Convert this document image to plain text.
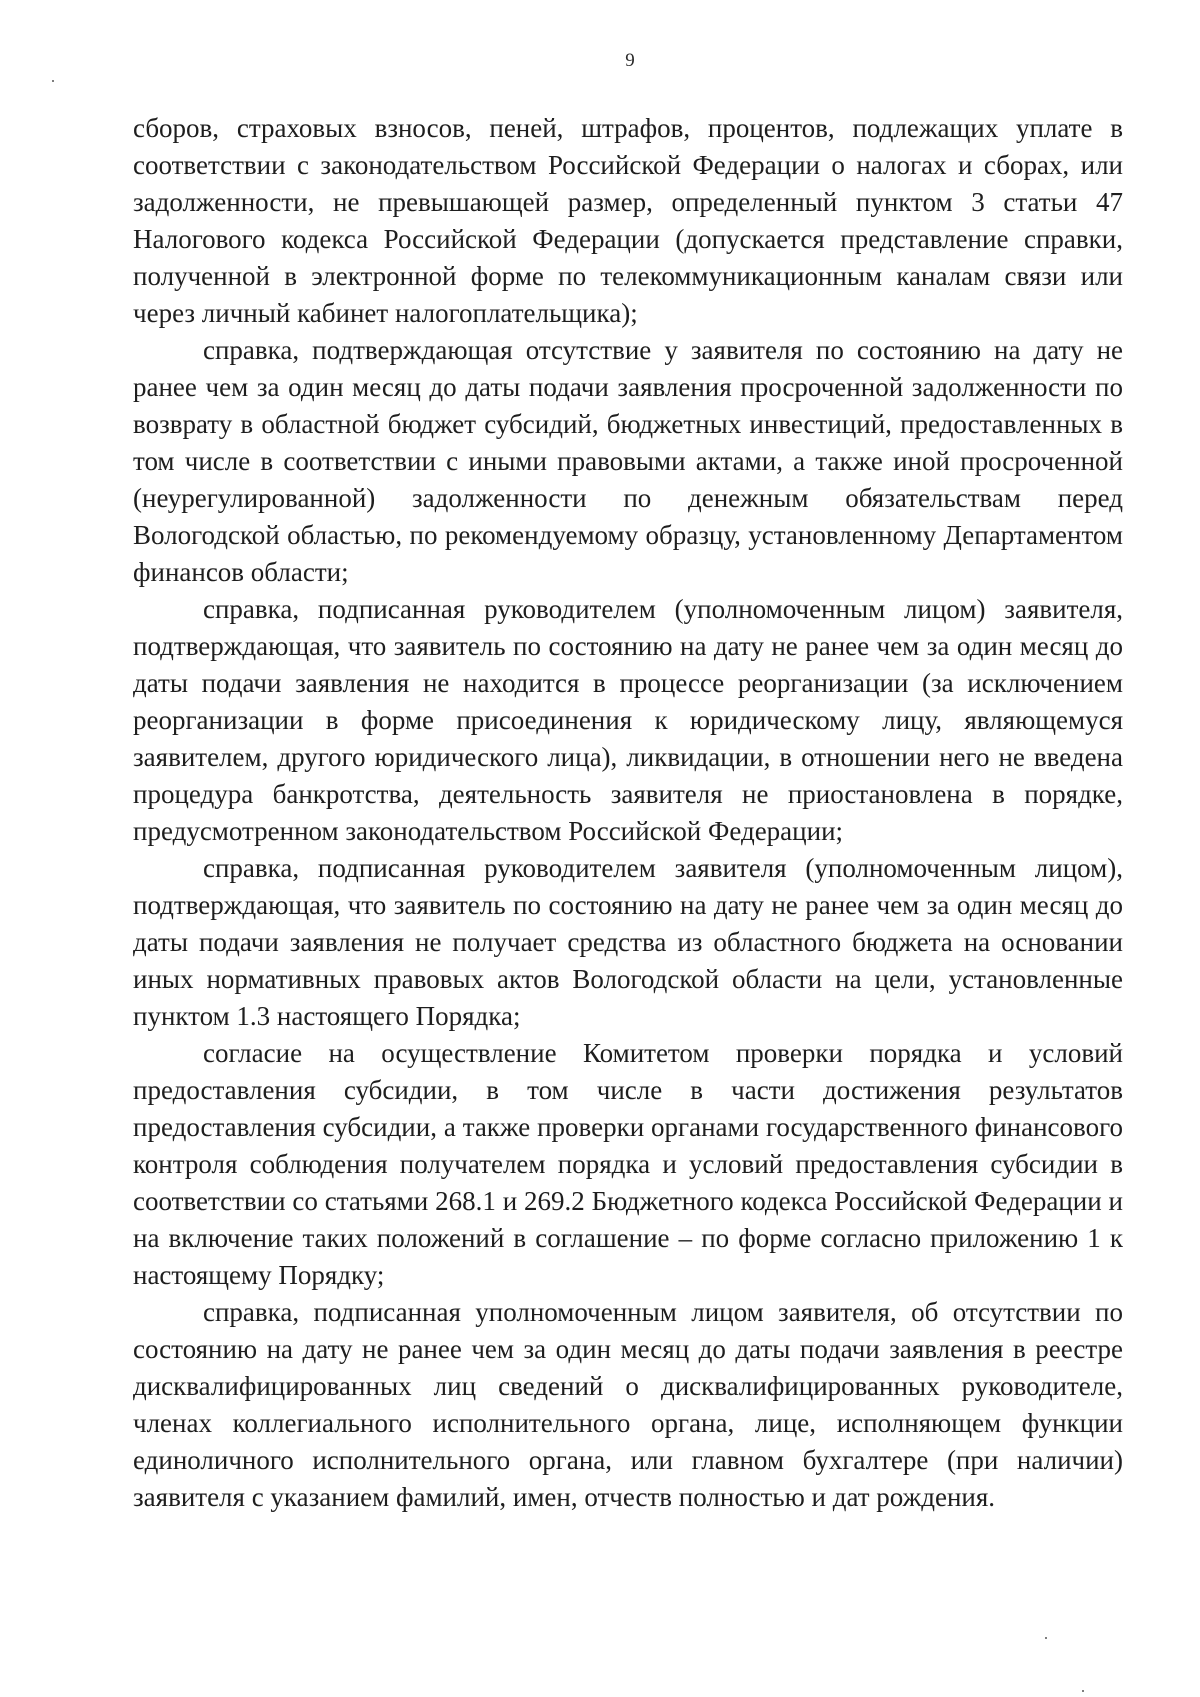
9

сборов, страховых взносов, пеней, штрафов, процентов, подлежащих уплате в соответствии с законодательством Российской Федерации о налогах и сборах, или задолженности, не превышающей размер, определенный пунктом 3 статьи 47 Налогового кодекса Российской Федерации (допускается представление справки, полученной в электронной форме по телекоммуникационным каналам связи или через личный кабинет налогоплательщика);

справка, подтверждающая отсутствие у заявителя по состоянию на дату не ранее чем за один месяц до даты подачи заявления просроченной задолженности по возврату в областной бюджет субсидий, бюджетных инвестиций, предоставленных в том числе в соответствии с иными правовыми актами, а также иной просроченной (неурегулированной) задолженности по денежным обязательствам перед Вологодской областью, по рекомендуемому образцу, установленному Департаментом финансов области;

справка, подписанная руководителем (уполномоченным лицом) заявителя, подтверждающая, что заявитель по состоянию на дату не ранее чем за один месяц до даты подачи заявления не находится в процессе реорганизации (за исключением реорганизации в форме присоединения к юридическому лицу, являющемуся заявителем, другого юридического лица), ликвидации, в отношении него не введена процедура банкротства, деятельность заявителя не приостановлена в порядке, предусмотренном законодательством Российской Федерации;

справка, подписанная руководителем заявителя (уполномоченным лицом), подтверждающая, что заявитель по состоянию на дату не ранее чем за один месяц до даты подачи заявления не получает средства из областного бюджета на основании иных нормативных правовых актов Вологодской области на цели, установленные пунктом 1.3 настоящего Порядка;

согласие на осуществление Комитетом проверки порядка и условий предоставления субсидии, в том числе в части достижения результатов предоставления субсидии, а также проверки органами государственного финансового контроля соблюдения получателем порядка и условий предоставления субсидии в соответствии со статьями 268.1 и 269.2 Бюджетного кодекса Российской Федерации и на включение таких положений в соглашение – по форме согласно приложению 1 к настоящему Порядку;

справка, подписанная уполномоченным лицом заявителя, об отсутствии по состоянию на дату не ранее чем за один месяц до даты подачи заявления в реестре дисквалифицированных лиц сведений о дисквалифицированных руководителе, членах коллегиального исполнительного органа, лице, исполняющем функции единоличного исполнительного органа, или главном бухгалтере (при наличии) заявителя с указанием фамилий, имен, отчеств полностью и дат рождения.
